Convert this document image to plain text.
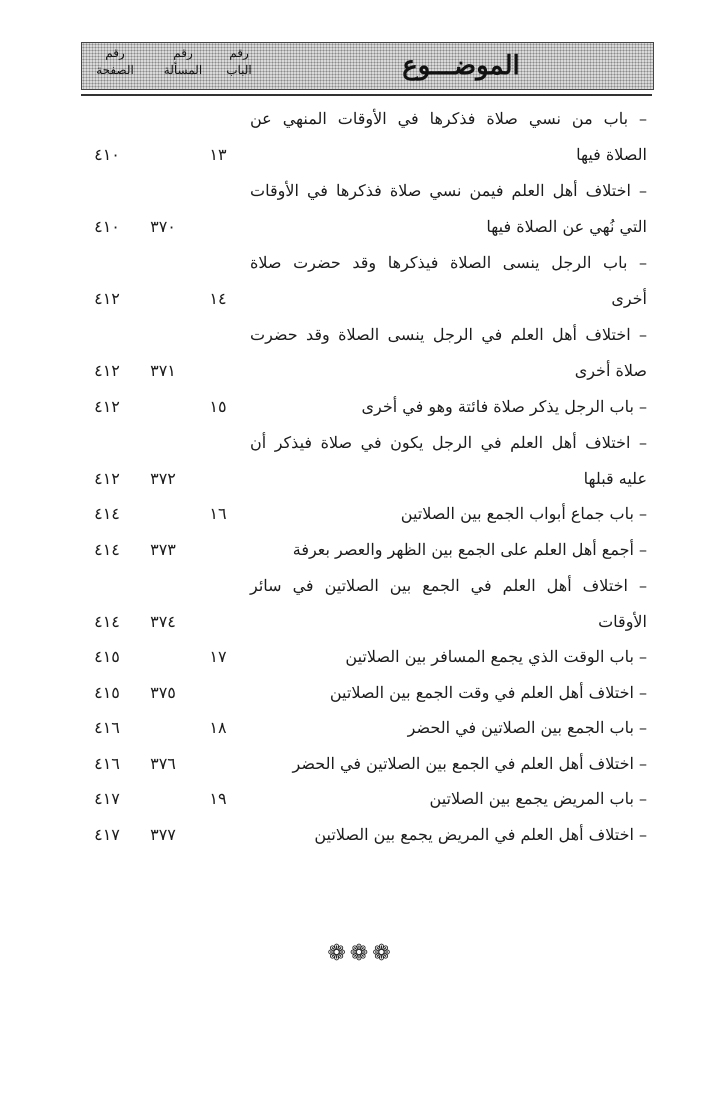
رقم
الصفحة
رقم
المسألة
رقم
الباب	الموضـــوع
– باب من نسي صلاة فذكرها في الأوقات المنهي عن
الصلاة فيها
١٣
٤١٠
– اختلاف أهل العلم فيمن نسي صلاة فذكرها في الأوقات
التي نُهي عن الصلاة فيها
٣٧٠
٤١٠
– باب الرجل ينسى الصلاة فيذكرها وقد حضرت صلاة
أخرى
١٤
٤١٢
– اختلاف أهل العلم في الرجل ينسى الصلاة وقد حضرت
صلاة أخرى
٣٧١
٤١٢
– باب الرجل يذكر صلاة فائتة وهو في أخرى
١٥
٤١٢
– اختلاف أهل العلم في الرجل يكون في صلاة فيذكر أن
عليه قبلها
٣٧٢
٤١٢
– باب جماع أبواب الجمع بين الصلاتين
١٦
٤١٤
– أجمع أهل العلم على الجمع بين الظهر والعصر بعرفة
٣٧٣
٤١٤
– اختلاف أهل العلم في الجمع بين الصلاتين في سائر
الأوقات
٣٧٤
٤١٤
– باب الوقت الذي يجمع المسافر بين الصلاتين
١٧
٤١٥
– اختلاف أهل العلم في وقت الجمع بين الصلاتين
٣٧٥
٤١٥
– باب الجمع بين الصلاتين في الحضر
١٨
٤١٦
– اختلاف أهل العلم في الجمع بين الصلاتين في الحضر
٣٧٦
٤١٦
– باب المريض يجمع بين الصلاتين
١٩
٤١٧
– اختلاف أهل العلم في المريض يجمع بين الصلاتين
٣٧٧
٤١٧
❁❁❁
